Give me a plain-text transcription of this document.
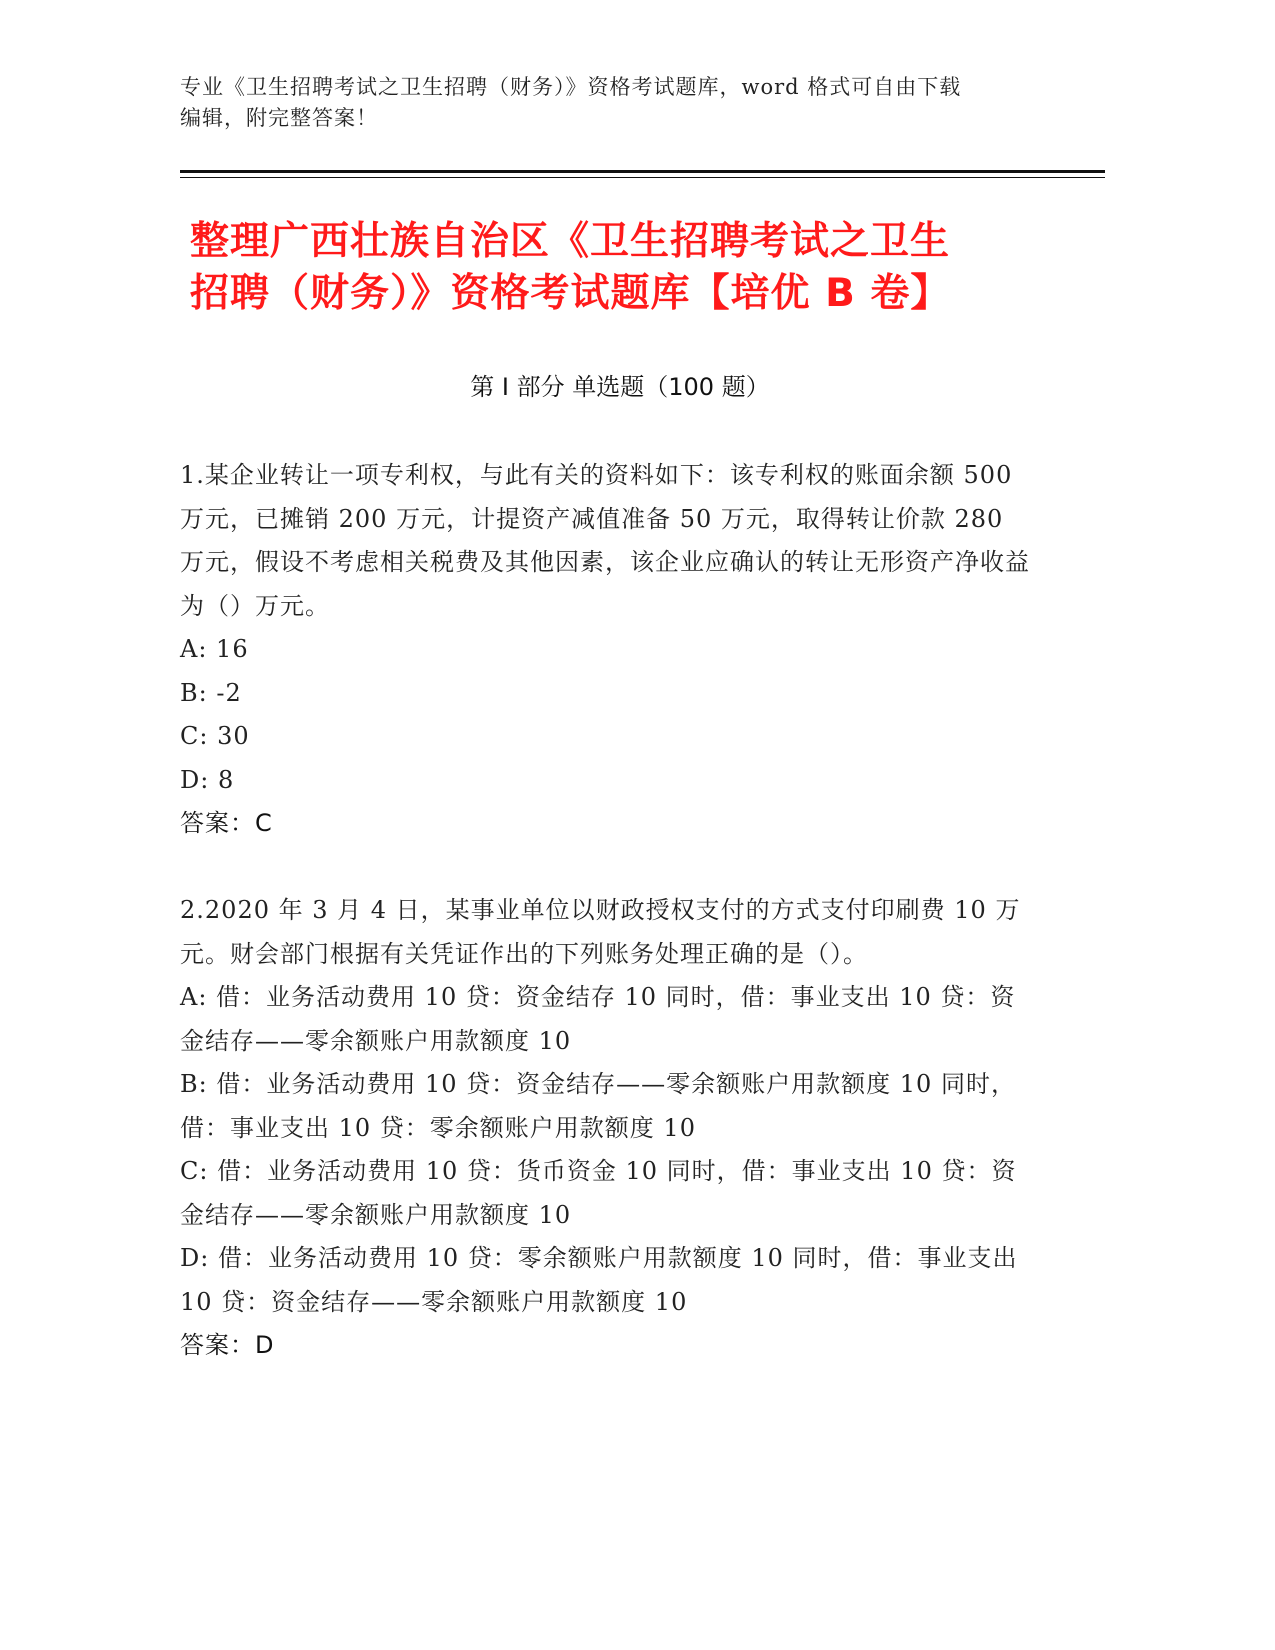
专业《卫生招聘考试之卫生招聘（财务）》资格考试题库，word 格式可自由下载
编辑，附完整答案！
整理广西壮族自治区《卫生招聘考试之卫生
招聘（财务）》资格考试题库【培优 B 卷】
第 I 部分 单选题（100 题）

1.某企业转让一项专利权，与此有关的资料如下：该专利权的账面余额 500 万元，已摊销 200 万元，计提资产减值准备 50 万元，取得转让价款 280 万元，假设不考虑相关税费及其他因素，该企业应确认的转让无形资产净收益为（）万元。

A: 16

B: -2

C: 30

D: 8

答案：C

2.2020 年 3 月 4 日，某事业单位以财政授权支付的方式支付印刷费 10 万元。财会部门根据有关凭证作出的下列账务处理正确的是（）。

A: 借：业务活动费用 10 贷：资金结存 10 同时，借：事业支出 10 贷：资金结存——零余额账户用款额度 10

B: 借：业务活动费用 10 贷：资金结存——零余额账户用款额度 10 同时，借：事业支出 10 贷：零余额账户用款额度 10

C: 借：业务活动费用 10 贷：货币资金 10 同时，借：事业支出 10 贷：资金结存——零余额账户用款额度 10

D: 借：业务活动费用 10 贷：零余额账户用款额度 10 同时，借：事业支出 10 贷：资金结存——零余额账户用款额度 10

答案：D
